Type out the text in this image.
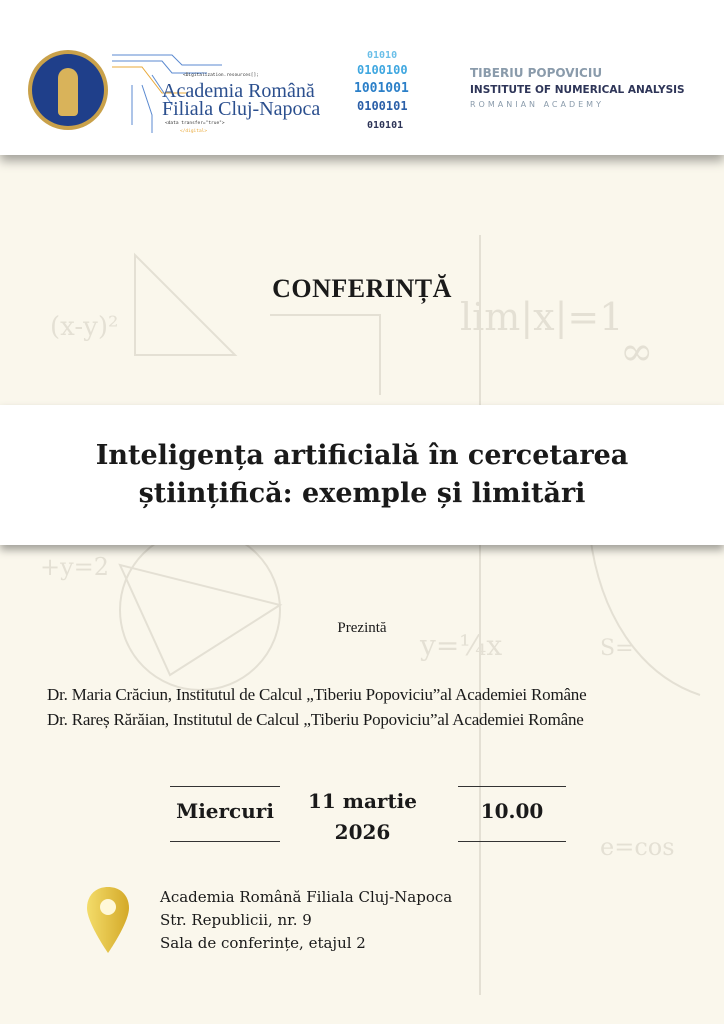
(x-y)²	lim|x|=1
∞
y=¼x
e=cos
+y=2
S=
<Digitalization.resources[];
Academia Română
Filiala Cluj-Napoca
<data transfer="true">
</digital>
01010
0100100
1001001
0100101
010101
TIBERIU POPOVICIU
INSTITUTE OF NUMERICAL ANALYSIS
ROMANIAN ACADEMY
CONFERINȚĂ
Inteligența artificială în cercetarea
științifică: exemple și limitări
Prezintă
Dr. Maria Crăciun, Institutul de Calcul „Tiberiu Popoviciu”al Academiei Române
Dr. Rareș Rărăian, Institutul de Calcul „Tiberiu Popoviciu”al Academiei Române
Miercuri	11 martie
2026
10.00
Academia Română Filiala Cluj-Napoca
Str. Republicii, nr. 9
Sala de conferințe, etajul 2
